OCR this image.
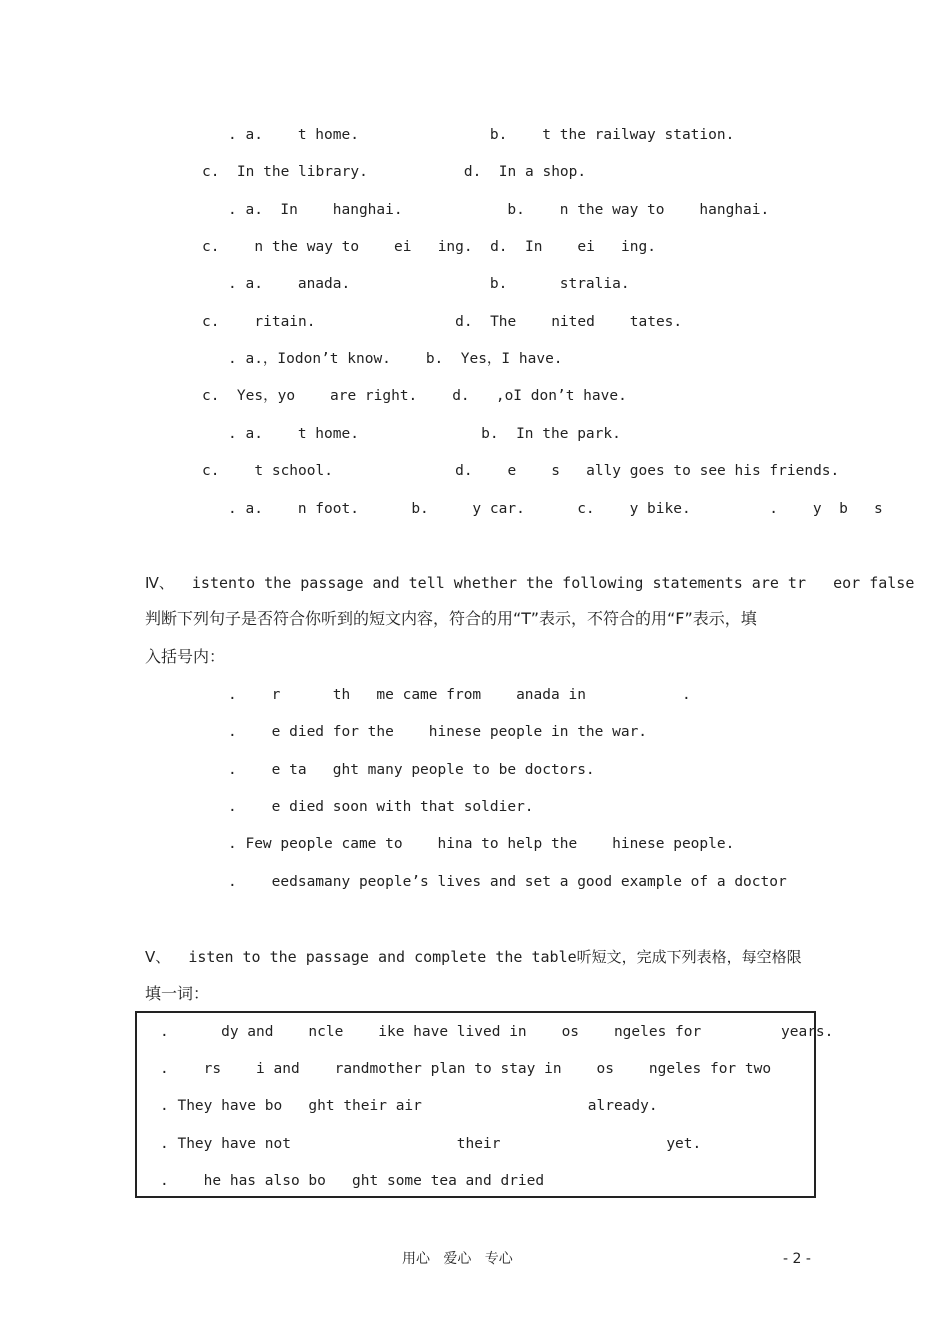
. a.    t home.               b.    t the railway station.
c.  In the library.           d.  In a shop.
. a.  In    hanghai.            b.    n the way to    hanghai.
c.    n the way to    ei   ing.  d.  In    ei   ing.
. a.    anada.                b.      stralia.
c.    ritain.                d.  The    nited    tates.
. a.，Iodon’t know.    b.  Yes，I have.
c.  Yes，yo    are right.    d.   ,oI don’t have.
. a.    t home.              b.  In the park.
c.    t school.              d.    e    s   ally goes to see his friends.
. a.    n foot.      b.     y car.      c.    y bike.         .    y  b   s
Ⅳ、  istento the passage and tell whether the following statements are tr   eor false
判断下列句子是否符合你听到的短文内容，符合的用“T”表示，不符合的用“F”表示，填
入括号内：
.    r      th   me came from    anada in           .
.    e died for the    hinese people in the war.
.    e ta   ght many people to be doctors.
.    e died soon with that soldier.
. Few people came to    hina to help the    hinese people.
.    eedsamany people’s lives and set a good example of a doctor
Ⅴ、  isten to the passage and complete the table听短文，完成下列表格，每空格限
填一词：
.      dy and    ncle    ike have lived in    os    ngeles for	years.
.    rs    i and    randmother plan to stay in    os    ngeles for two
. They have bo   ght their air                   already.
. They have not                   their                   yet.
.    he has also bo   ght some tea and dried
用心   爱心   专心	- 2 -
